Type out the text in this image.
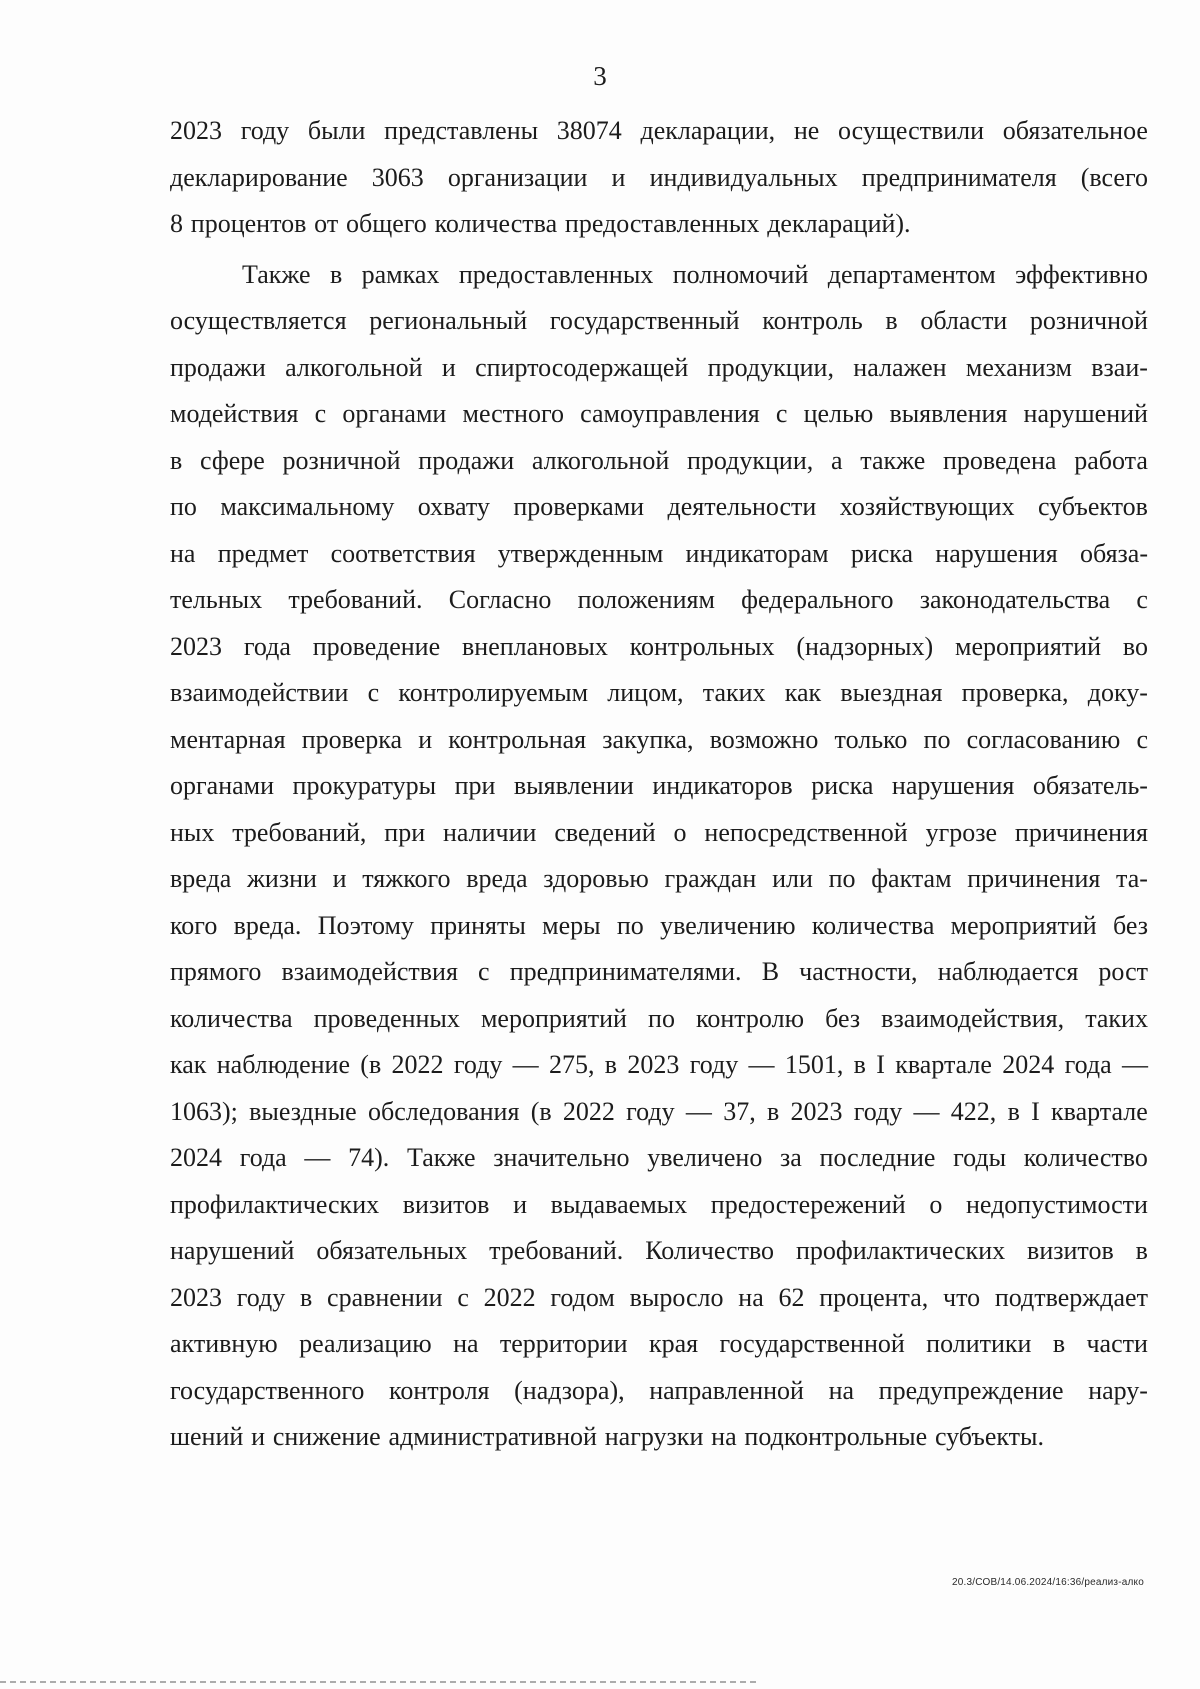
3
2023 году были представлены 38074 декларации, не осуществили обязательное
декларирование 3063 организации и индивидуальных предпринимателя (всего
8 процентов от общего количества предоставленных деклараций).
Также в рамках предоставленных полномочий департаментом эффективно
осуществляется региональный государственный контроль в области розничной
продажи алкогольной и спиртосодержащей продукции, налажен механизм взаи-
модействия с органами местного самоуправления с целью выявления нарушений
в сфере розничной продажи алкогольной продукции, а также проведена работа
по максимальному охвату проверками деятельности хозяйствующих субъектов
на предмет соответствия утвержденным индикаторам риска нарушения обяза-
тельных требований. Согласно положениям федерального законодательства с
2023 года проведение внеплановых контрольных (надзорных) мероприятий во
взаимодействии с контролируемым лицом, таких как выездная проверка, доку-
ментарная проверка и контрольная закупка, возможно только по согласованию с
органами прокуратуры при выявлении индикаторов риска нарушения обязатель-
ных требований, при наличии сведений о непосредственной угрозе причинения
вреда жизни и тяжкого вреда здоровью граждан или по фактам причинения та-
кого вреда. Поэтому приняты меры по увеличению количества мероприятий без
прямого взаимодействия с предпринимателями. В частности, наблюдается рост
количества проведенных мероприятий по контролю без взаимодействия, таких
как наблюдение (в 2022 году — 275, в 2023 году — 1501, в I квартале 2024 года —
1063); выездные обследования (в 2022 году — 37, в 2023 году — 422, в I квартале
2024 года — 74). Также значительно увеличено за последние годы количество
профилактических визитов и выдаваемых предостережений о недопустимости
нарушений обязательных требований. Количество профилактических визитов в
2023 году в сравнении с 2022 годом выросло на 62 процента, что подтверждает
активную реализацию на территории края государственной политики в части
государственного контроля (надзора), направленной на предупреждение нару-
шений и снижение административной нагрузки на подконтрольные субъекты.
20.3/СОВ/14.06.2024/16:36/реализ-алко
